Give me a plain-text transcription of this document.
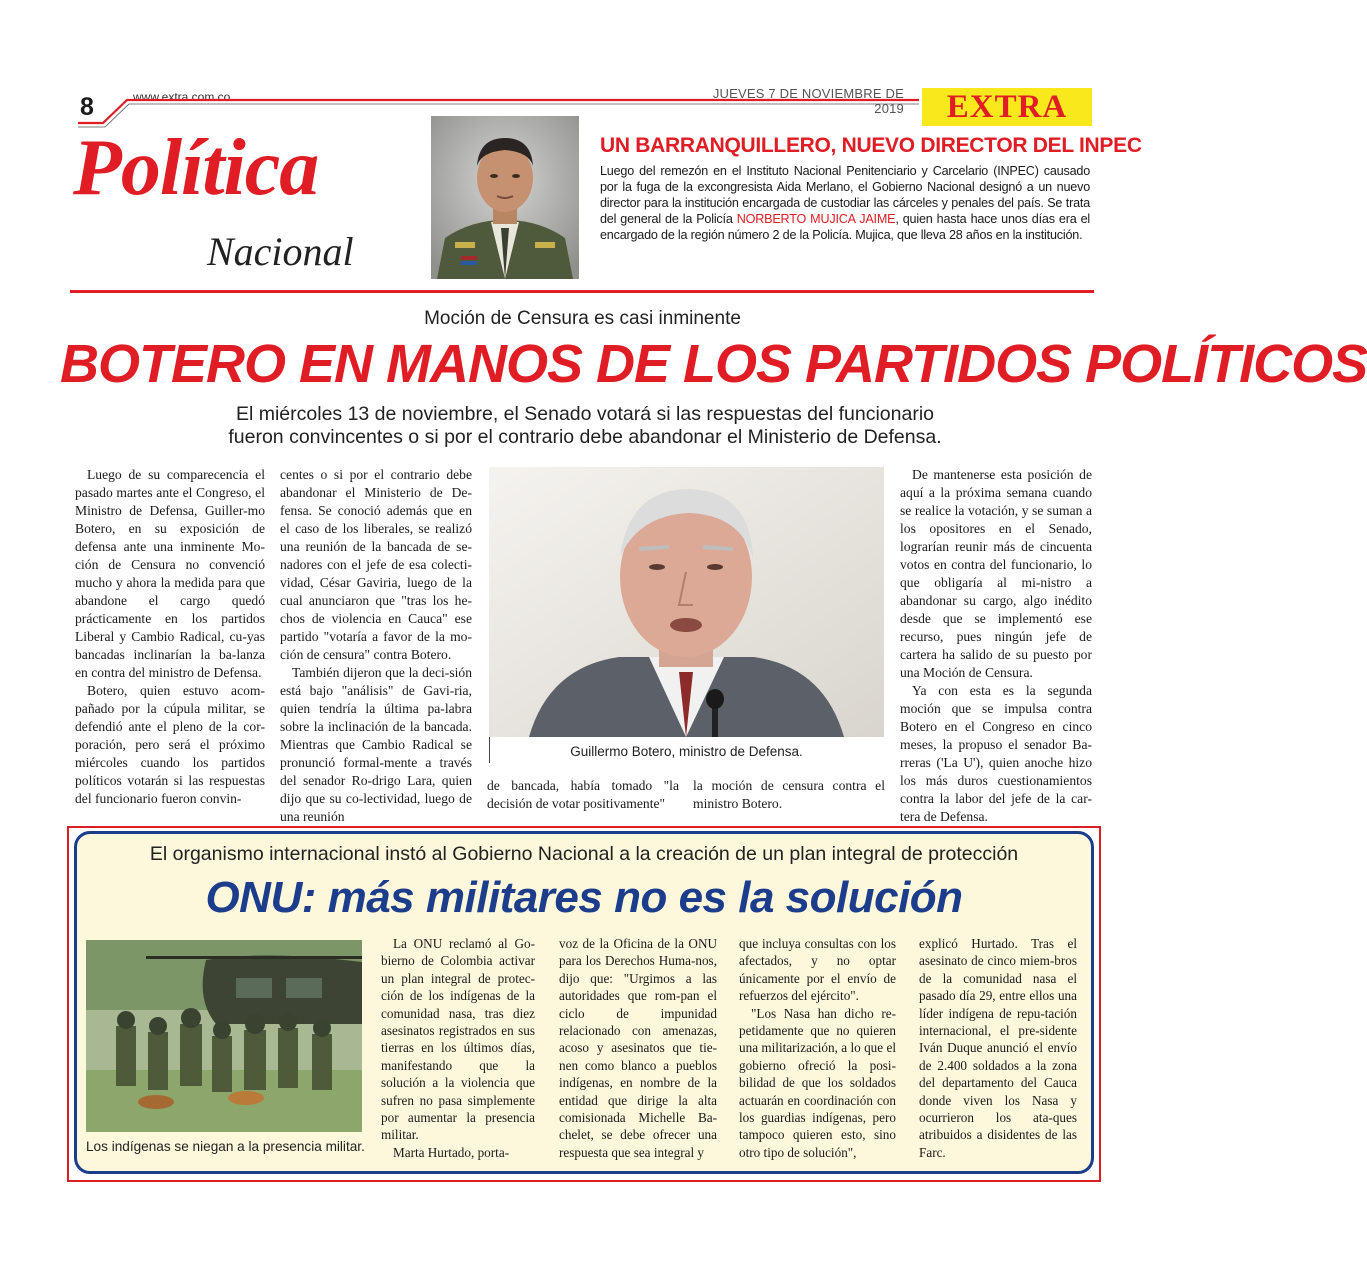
8	www.extra.com.co	JUEVES 7 DE NOVIEMBRE DE 2019	EXTRA
Política
Nacional
UN BARRANQUILLERO, NUEVO DIRECTOR DEL INPEC
Luego del remezón en el Instituto Nacional Penitenciario y Carcelario (INPEC) causado por la fuga de la excongresista Aida Merlano, el Gobierno Nacional designó a un nuevo director para la institución encargada de custodiar las cárceles y penales del país. Se trata del general de la Policía NORBERTO MUJICA JAIME, quien hasta hace unos días era el encargado de la región número 2 de la Policía. Mujica, que lleva 28 años en la institución.
Moción de Censura es casi inminente
BOTERO EN MANOS DE LOS PARTIDOS POLÍTICOS
El miércoles 13 de noviembre, el Senado votará si las respuestas del funcionario
fueron convincentes o si por el contrario debe abandonar el Ministerio de Defensa.

Luego de su comparecencia el pasado martes ante el Congreso, el Ministro de Defensa, Guiller-mo Botero, en su exposición de defensa ante una inminente Mo-ción de Censura no convenció mucho y ahora la medida para que abandone el cargo quedó prácticamente en los partidos Liberal y Cambio Radical, cu-yas bancadas inclinarían la ba-lanza en contra del ministro de Defensa.

Botero, quien estuvo acom-pañado por la cúpula militar, se defendió ante el pleno de la cor-poración, pero será el próximo miércoles cuando los partidos políticos votarán si las respuestas del funcionario fueron convin-

centes o si por el contrario debe abandonar el Ministerio de De-fensa. Se conoció además que en el caso de los liberales, se realizó una reunión de la bancada de se-nadores con el jefe de esa colecti-vidad, César Gaviria, luego de la cual anunciaron que "tras los he-chos de violencia en Cauca" ese partido "votaría a favor de la mo-ción de censura" contra Botero.

También dijeron que la deci-sión está bajo "análisis" de Gavi-ria, quien tendría la última pa-labra sobre la inclinación de la bancada. Mientras que Cambio Radical se pronunció formal-mente a través del senador Ro-drigo Lara, quien dijo que su co-lectividad, luego de una reunión

Guillermo Botero, ministro de Defensa.

de bancada, había tomado "la decisión de votar positivamente"

la moción de censura contra el ministro Botero.

De mantenerse esta posición de aquí a la próxima semana cuando se realice la votación, y se suman a los opositores en el Senado, lograrían reunir más de cincuenta votos en contra del funcionario, lo que obligaría al mi-nistro a abandonar su cargo, algo inédito desde que se implementó ese recurso, pues ningún jefe de cartera ha salido de su puesto por una Moción de Censura.

Ya con esta es la segunda moción que se impulsa contra Botero en el Congreso en cinco meses, la propuso el senador Ba-rreras ('La U'), quien anoche hizo los más duros cuestionamientos contra la labor del jefe de la car-tera de Defensa.

El organismo internacional instó al Gobierno Nacional a la creación de un plan integral de protección
ONU: más militares no es la solución
Los indígenas se niegan a la presencia militar.

La ONU reclamó al Go-bierno de Colombia activar un plan integral de protec-ción de los indígenas de la comunidad nasa, tras diez asesinatos registrados en sus tierras en los últimos días, manifestando que la solución a la violencia que sufren no pasa simplemente por aumentar la presencia militar.

Marta Hurtado, porta-

voz de la Oficina de la ONU para los Derechos Huma-nos, dijo que: "Urgimos a las autoridades que rom-pan el ciclo de impunidad relacionado con amenazas, acoso y asesinatos que tie-nen como blanco a pueblos indígenas, en nombre de la entidad que dirige la alta comisionada Michelle Ba-chelet, se debe ofrecer una respuesta que sea integral y

que incluya consultas con los afectados, y no optar únicamente por el envío de refuerzos del ejército".

"Los Nasa han dicho re-petidamente que no quieren una militarización, a lo que el gobierno ofreció la posi-bilidad de que los soldados actuarán en coordinación con los guardias indígenas, pero tampoco quieren esto, sino otro tipo de solución",

explicó Hurtado. Tras el asesinato de cinco miem-bros de la comunidad nasa el pasado día 29, entre ellos una líder indígena de repu-tación internacional, el pre-sidente Iván Duque anunció el envío de 2.400 soldados a la zona del departamento del Cauca donde viven los Nasa y ocurrieron los ata-ques atribuidos a disidentes de las Farc.
